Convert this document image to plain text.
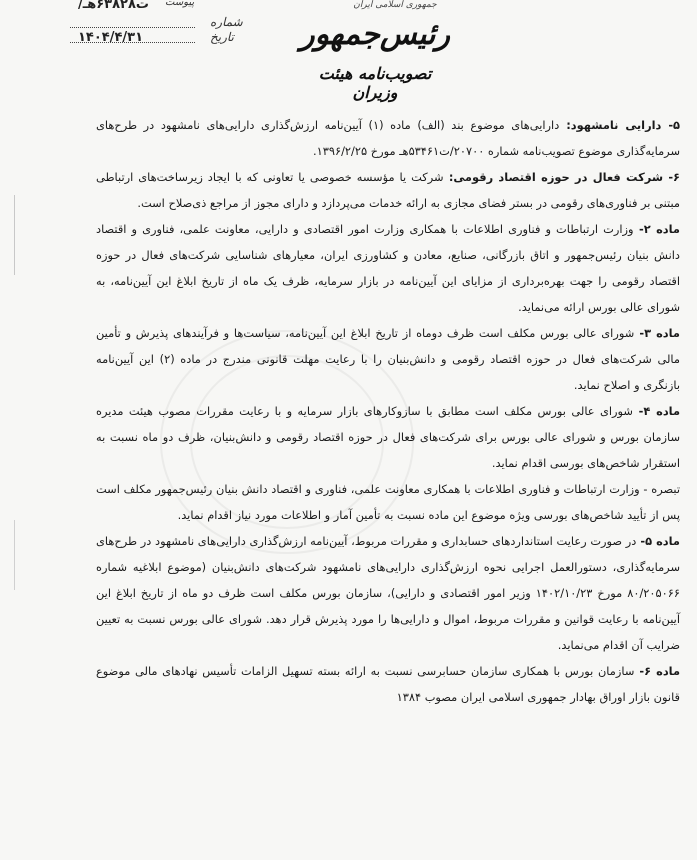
/ت۶۳۸۲۸هـ پیوست
شماره
۱۴۰۴/۴/۳۱	تاریخ
جمهوری اسلامی ایران
رئیس‌جمهور
تصویب‌نامه هیئت وزیران

۵- دارایی نامشهود: دارایی‌های موضوع بند (الف) ماده (۱) آیین‌نامه ارزش‌گذاری دارایی‌های نامشهود در طرح‌های سرمایه‌گذاری موضوع تصویب‌نامه شماره ۲۰۷۰۰/ت۵۳۴۶۱هـ مورخ ۱۳۹۶/۲/۲۵.

۶- شرکت فعال در حوزه اقتصاد رقومی: شرکت یا مؤسسه خصوصی یا تعاونی که با ایجاد زیرساخت‌های ارتباطی مبتنی بر فناوری‌های رقومی در بستر فضای مجازی به ارائه خدمات می‌پردازد و دارای مجوز از مراجع ذی‌صلاح است.

ماده ۲- وزارت ارتباطات و فناوری اطلاعات با همکاری وزارت امور اقتصادی و دارایی، معاونت علمی، فناوری و اقتصاد دانش بنیان رئیس‌جمهور و اتاق بازرگانی، صنایع، معادن و کشاورزی ایران، معیارهای شناسایی شرکت‌های فعال در حوزه اقتصاد رقومی را جهت بهره‌برداری از مزایای این آیین‌نامه در بازار سرمایه، ظرف یک ماه از تاریخ ابلاغ این آیین‌نامه، به شورای عالی بورس ارائه می‌نماید.

ماده ۳- شورای عالی بورس مکلف است ظرف دوماه از تاریخ ابلاغ این آیین‌نامه، سیاست‌ها و فرآیندهای پذیرش و تأمین مالی شرکت‌های فعال در حوزه اقتصاد رقومی و دانش‌بنیان را با رعایت مهلت قانونی مندرج در ماده (۲) این آیین‌نامه بازنگری و اصلاح نماید.

ماده ۴- شورای عالی بورس مکلف است مطابق با سازوکارهای بازار سرمایه و با رعایت مقررات مصوب هیئت مدیره سازمان بورس و شورای عالی بورس برای شرکت‌های فعال در حوزه اقتصاد رقومی و دانش‌بنیان، ظرف دو ماه نسبت به استقرار شاخص‌های بورسی اقدام نماید.

تبصره - وزارت ارتباطات و فناوری اطلاعات با همکاری معاونت علمی، فناوری و اقتصاد دانش بنیان رئیس‌جمهور مکلف است پس از تأیید شاخص‌های بورسی ویژه موضوع این ماده نسبت به تأمین آمار و اطلاعات مورد نیاز اقدام نماید.

ماده ۵- در صورت رعایت استانداردهای حسابداری و مقررات مربوط، آیین‌نامه ارزش‌گذاری دارایی‌های نامشهود در طرح‌های سرمایه‌گذاری، دستورالعمل اجرایی نحوه ارزش‌گذاری دارایی‌های نامشهود شرکت‌های دانش‌بنیان (موضوع ابلاغیه شماره ۸۰/۲۰۵۰۶۶ مورخ ۱۴۰۲/۱۰/۲۳ وزیر امور اقتصادی و دارایی)، سازمان بورس مکلف است ظرف دو ماه از تاریخ ابلاغ این آیین‌نامه با رعایت قوانین و مقررات مربوط، اموال و دارایی‌ها را مورد پذیرش قرار دهد. شورای عالی بورس نسبت به تعیین ضرایب آن اقدام می‌نماید.

ماده ۶- سازمان بورس با همکاری سازمان حسابرسی نسبت به ارائه بسته تسهیل الزامات تأسیس نهادهای مالی موضوع قانون بازار اوراق بهادار جمهوری اسلامی ایران مصوب ۱۳۸۴
